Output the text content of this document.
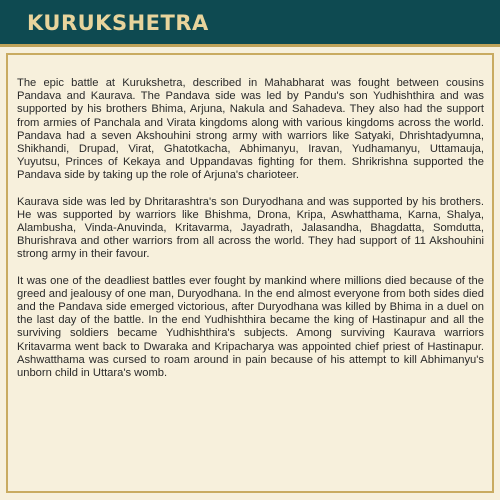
KURUKSHETRA

The epic battle at Kurukshetra, described in Mahabharat was fought between cousins Pandava and Kaurava. The Pandava side was led by Pandu's son Yudhishthira and was supported by his brothers Bhima, Arjuna, Nakula and Sahadeva. They also had the support from armies of Panchala and Virata kingdoms along with various kingdoms across the world. Pandava had a seven Akshouhini strong army with warriors like Satyaki, Dhrishtadyumna, Shikhandi, Drupad, Virat, Ghatotkacha, Abhimanyu, Iravan, Yudhamanyu, Uttamauja, Yuyutsu, Princes of Kekaya and Uppandavas fighting for them. Shrikrishna supported the Pandava side by taking up the role of Arjuna's charioteer.

Kaurava side was led by Dhritarashtra's son Duryodhana and was supported by his brothers. He was supported by warriors like Bhishma, Drona, Kripa, Aswhatthama, Karna, Shalya, Alambusha, Vinda-Anuvinda, Kritavarma, Jayadrath, Jalasandha, Bhagdatta, Somdutta, Bhurishrava and other warriors from all across the world. They had support of 11 Akshouhini strong army in their favour.

It was one of the deadliest battles ever fought by mankind where millions died because of the greed and jealousy of one man, Duryodhana. In the end almost everyone from both sides died and the Pandava side emerged victorious, after Duryodhana was killed by Bhima in a duel on the last day of the battle. In the end Yudhishthira became the king of Hastinapur and all the surviving soldiers became Yudhishthira's subjects. Among surviving Kaurava warriors Kritavarma went back to Dwaraka and Kripacharya was appointed chief priest of Hastinapur. Ashwatthama was cursed to roam around in pain because of his attempt to kill Abhimanyu's unborn child in Uttara's womb.
